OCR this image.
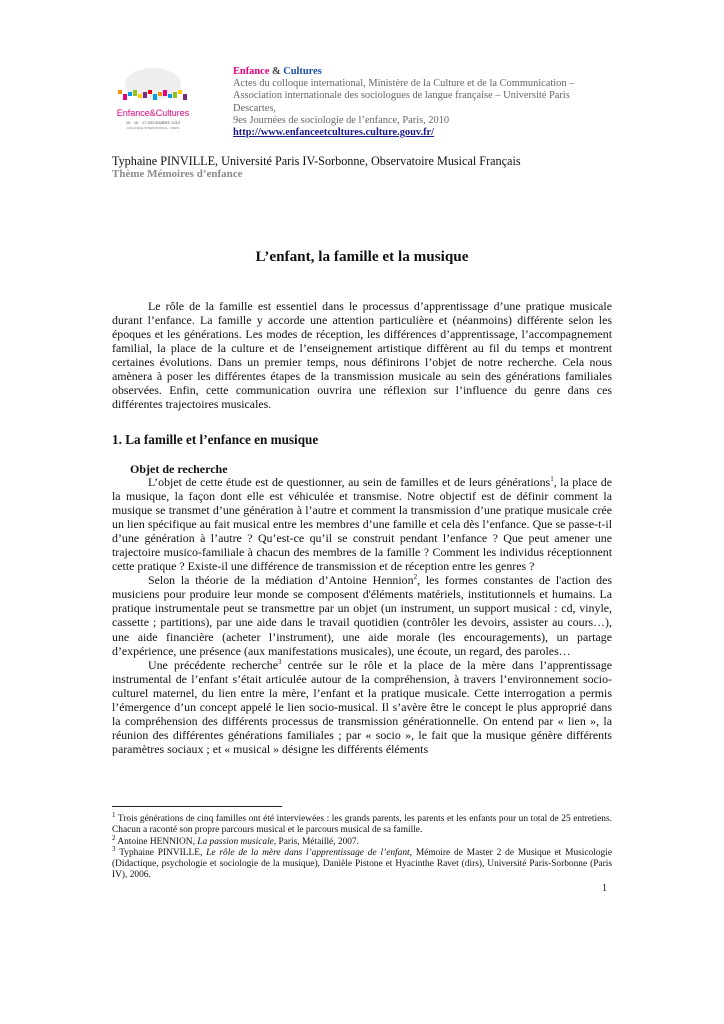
Enfance&Cultures
15 · 16 · 17 DÉCEMBRE 2010
COLLOQUE INTERNATIONAL · PARIS
Enfance & Cultures
Actes du colloque international, Ministère de la Culture et de la Communication –
Association internationale des sociologues de langue française – Université Paris Descartes,
9es Journées de sociologie de l’enfance, Paris, 2010
http://www.enfanceetcultures.culture.gouv.fr/
Typhaine PINVILLE, Université Paris IV-Sorbonne, Observatoire Musical Français
Thème Mémoires d’enfance
L’enfant, la famille et la musique

Le rôle de la famille est essentiel dans le processus d’apprentissage d’une pratique musicale durant l’enfance. La famille y accorde une attention particulière et (néanmoins) différente selon les époques et les générations. Les modes de réception, les différences d’apprentissage, l’accompagnement familial, la place de la culture et de l’enseignement artistique diffèrent au fil du temps et montrent certaines évolutions. Dans un premier temps, nous définirons l’objet de notre recherche. Cela nous amènera à poser les différentes étapes de la transmission musicale au sein des générations familiales observées. Enfin, cette communication ouvrira une réflexion sur l’influence du genre dans ces différentes trajectoires musicales.

1. La famille et l’enfance en musique
Objet de recherche

L’objet de cette étude est de questionner, au sein de familles et de leurs générations$^1$, la place de la musique, la façon dont elle est véhiculée et transmise. Notre objectif est de définir comment la musique se transmet d’une génération à l’autre et comment la transmission d’une pratique musicale crée un lien spécifique au fait musical entre les membres d’une famille et cela dès l’enfance. Que se passe-t-il d’une génération à l’autre ? Qu’est-ce qu’il se construit pendant l’enfance ? Que peut amener une trajectoire musico-familiale à chacun des membres de la famille ? Comment les individus réceptionnent cette pratique ? Existe-il une différence de transmission et de réception entre les genres ?

Selon la théorie de la médiation d’Antoine Hennion$^2$, les formes constantes de l'action des musiciens pour produire leur monde se composent d'éléments matériels, institutionnels et humains. La pratique instrumentale peut se transmettre par un objet (un instrument, un support musical : cd, vinyle, cassette ; partitions), par une aide dans le travail quotidien (contrôler les devoirs, assister au cours…), une aide financière (acheter l’instrument), une aide morale (les encouragements), un partage d’expérience, une présence (aux manifestations musicales), une écoute, un regard, des paroles…

Une précédente recherche$^3$ centrée sur le rôle et la place de la mère dans l’apprentissage instrumental de l’enfant s’était articulée autour de la compréhension, à travers l’environnement socio-culturel maternel, du lien entre la mère, l’enfant et la pratique musicale. Cette interrogation a permis l’émergence d’un concept appelé le lien socio-musical. Il s’avère être le concept le plus approprié dans la compréhension des différents processus de transmission générationnelle. On entend par « lien », la réunion des différentes générations familiales ; par « socio », le fait que la musique génère différents paramètres sociaux ; et « musical » désigne les différents éléments

$^1$ Trois générations de cinq familles ont été interviewées : les grands parents, les parents et les enfants pour un total de 25 entretiens. Chacun a raconté son propre parcours musical et le parcours musical de sa famille.

$^2$ Antoine HENNION, La passion musicale, Paris, Métaillé, 2007.

$^3$ Typhaine PINVILLE, Le rôle de la mère dans l’apprentissage de l’enfant, Mémoire de Master 2 de Musique et Musicologie (Didactique, psychologie et sociologie de la musique), Danièle Pistone et Hyacinthe Ravet (dirs), Université Paris-Sorbonne (Paris IV), 2006.

1
